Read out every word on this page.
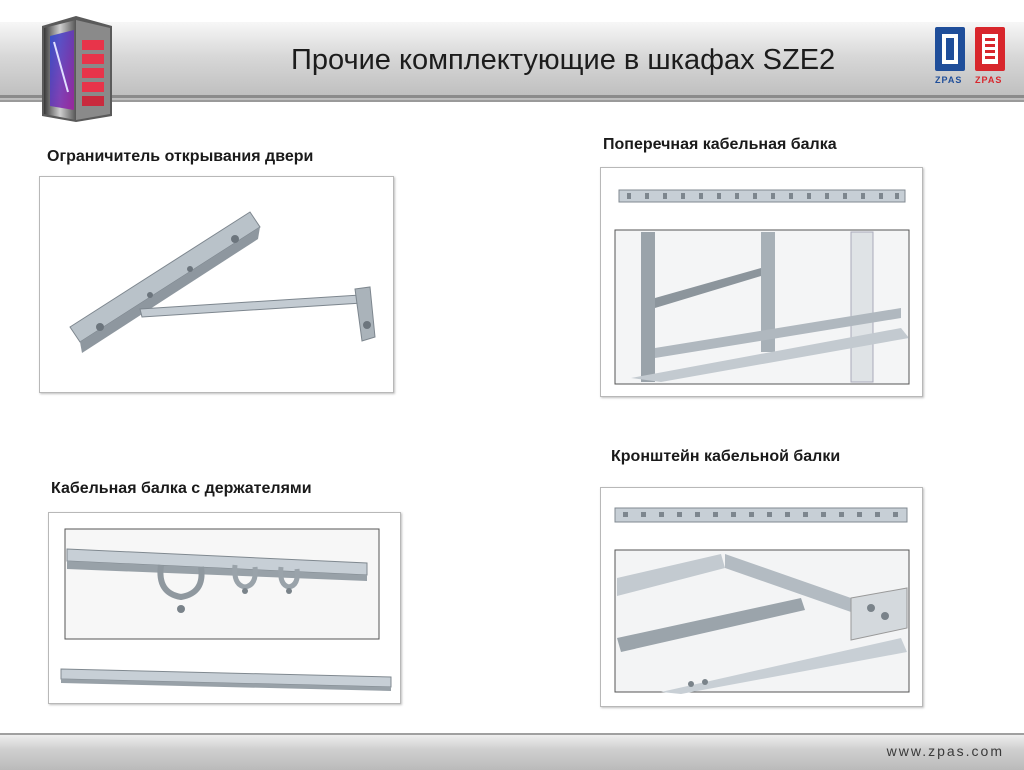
Прочие комплектующие в шкафах SZE2
ZPAS ZPAS
Ограничитель открывания двери
Поперечная кабельная балка
Кабельная балка с держателями
Кронштейн кабельной балки
www.zpas.com
